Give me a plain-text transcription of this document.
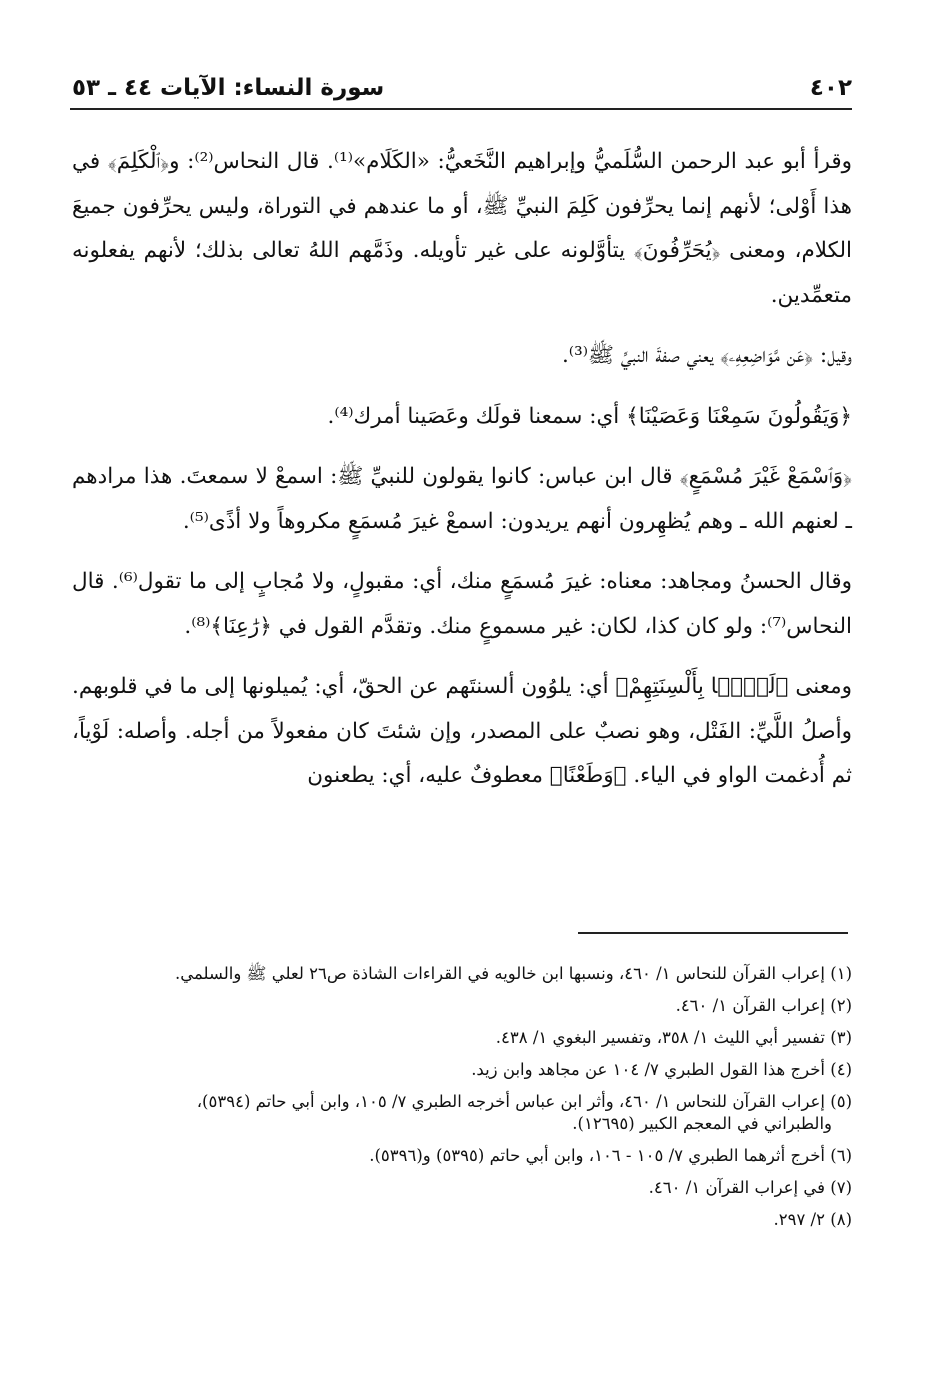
٤٠٢
سورة النساء: الآيات ٤٤ ـ ٥٣

وقرأ أبو عبد الرحمن السُّلَميُّ وإبراهيم النَّخَعيُّ: «الكَلَام»⁽¹⁾. قال النحاس⁽²⁾: و﴿ٱلْكَلِمَ﴾ في هذا أَوْلى؛ لأنهم إنما يحرِّفون كَلِمَ النبيِّ ﷺ، أو ما عندهم في التوراة، وليس يحرِّفون جميعَ الكلام، ومعنى ﴿يُحَرِّفُونَ﴾ يتأوَّلونه على غير تأويله. وذَمَّهم اللهُ تعالى بذلك؛ لأنهم يفعلونه متعمِّدين.

وقيل: ﴿عَن مَّوَاضِعِهِۦ﴾ يعني صفةَ النبيِّ ﷺ⁽³⁾.

﴿وَيَقُولُونَ سَمِعْنَا وَعَصَيْنَا﴾ أي: سمعنا قولَك وعَصَينا أمرك⁽⁴⁾.

﴿وَٱسْمَعْ غَيْرَ مُسْمَعٍ﴾ قال ابن عباس: كانوا يقولون للنبيِّ ﷺ: اسمعْ لا سمعتَ. هذا مرادهم ـ لعنهم الله ـ وهم يُظهِرون أنهم يريدون: اسمعْ غيرَ مُسمَعٍ مكروهاً ولا أذًى⁽⁵⁾.

وقال الحسنُ ومجاهد: معناه: غيرَ مُسمَعٍ منك، أي: مقبولٍ، ولا مُجابٍ إلى ما تقول⁽⁶⁾. قال النحاس⁽⁷⁾: ولو كان كذا، لكان: غير مسموعٍ منك. وتقدَّم القول في ﴿رَٰعِنَا﴾⁽⁸⁾.

ومعنى ﴿لَيًّۢا بِأَلْسِنَتِهِمْ﴾ أي: يلوُون ألسنتَهم عن الحقّ، أي: يُميلونها إلى ما في قلوبهم. وأصلُ اللَّيِّ: الفَتْل، وهو نصبٌ على المصدر، وإن شئتَ كان مفعولاً من أجله. وأصله: لَوْياً، ثم أُدغمت الواو في الياء. ﴿وَطَعْنًا﴾ معطوفٌ عليه، أي: يطعنون

(١) إعراب القرآن للنحاس ١/ ٤٦٠، ونسبها ابن خالويه في القراءات الشاذة ص٢٦ لعلي ﷺ والسلمي.
(٢) إعراب القرآن ١/ ٤٦٠.
(٣) تفسير أبي الليث ١/ ٣٥٨، وتفسير البغوي ١/ ٤٣٨.
(٤) أخرج هذا القول الطبري ٧/ ١٠٤ عن مجاهد وابن زيد.
(٥) إعراب القرآن للنحاس ١/ ٤٦٠، وأثر ابن عباس أخرجه الطبري ٧/ ١٠٥، وابن أبي حاتم (٥٣٩٤)،
والطبراني في المعجم الكبير (١٢٦٩٥).
(٦) أخرج أثرهما الطبري ٧/ ١٠٥ - ١٠٦، وابن أبي حاتم (٥٣٩٥) و(٥٣٩٦).
(٧) في إعراب القرآن ١/ ٤٦٠.
(٨) ٢/ ٢٩٧.
